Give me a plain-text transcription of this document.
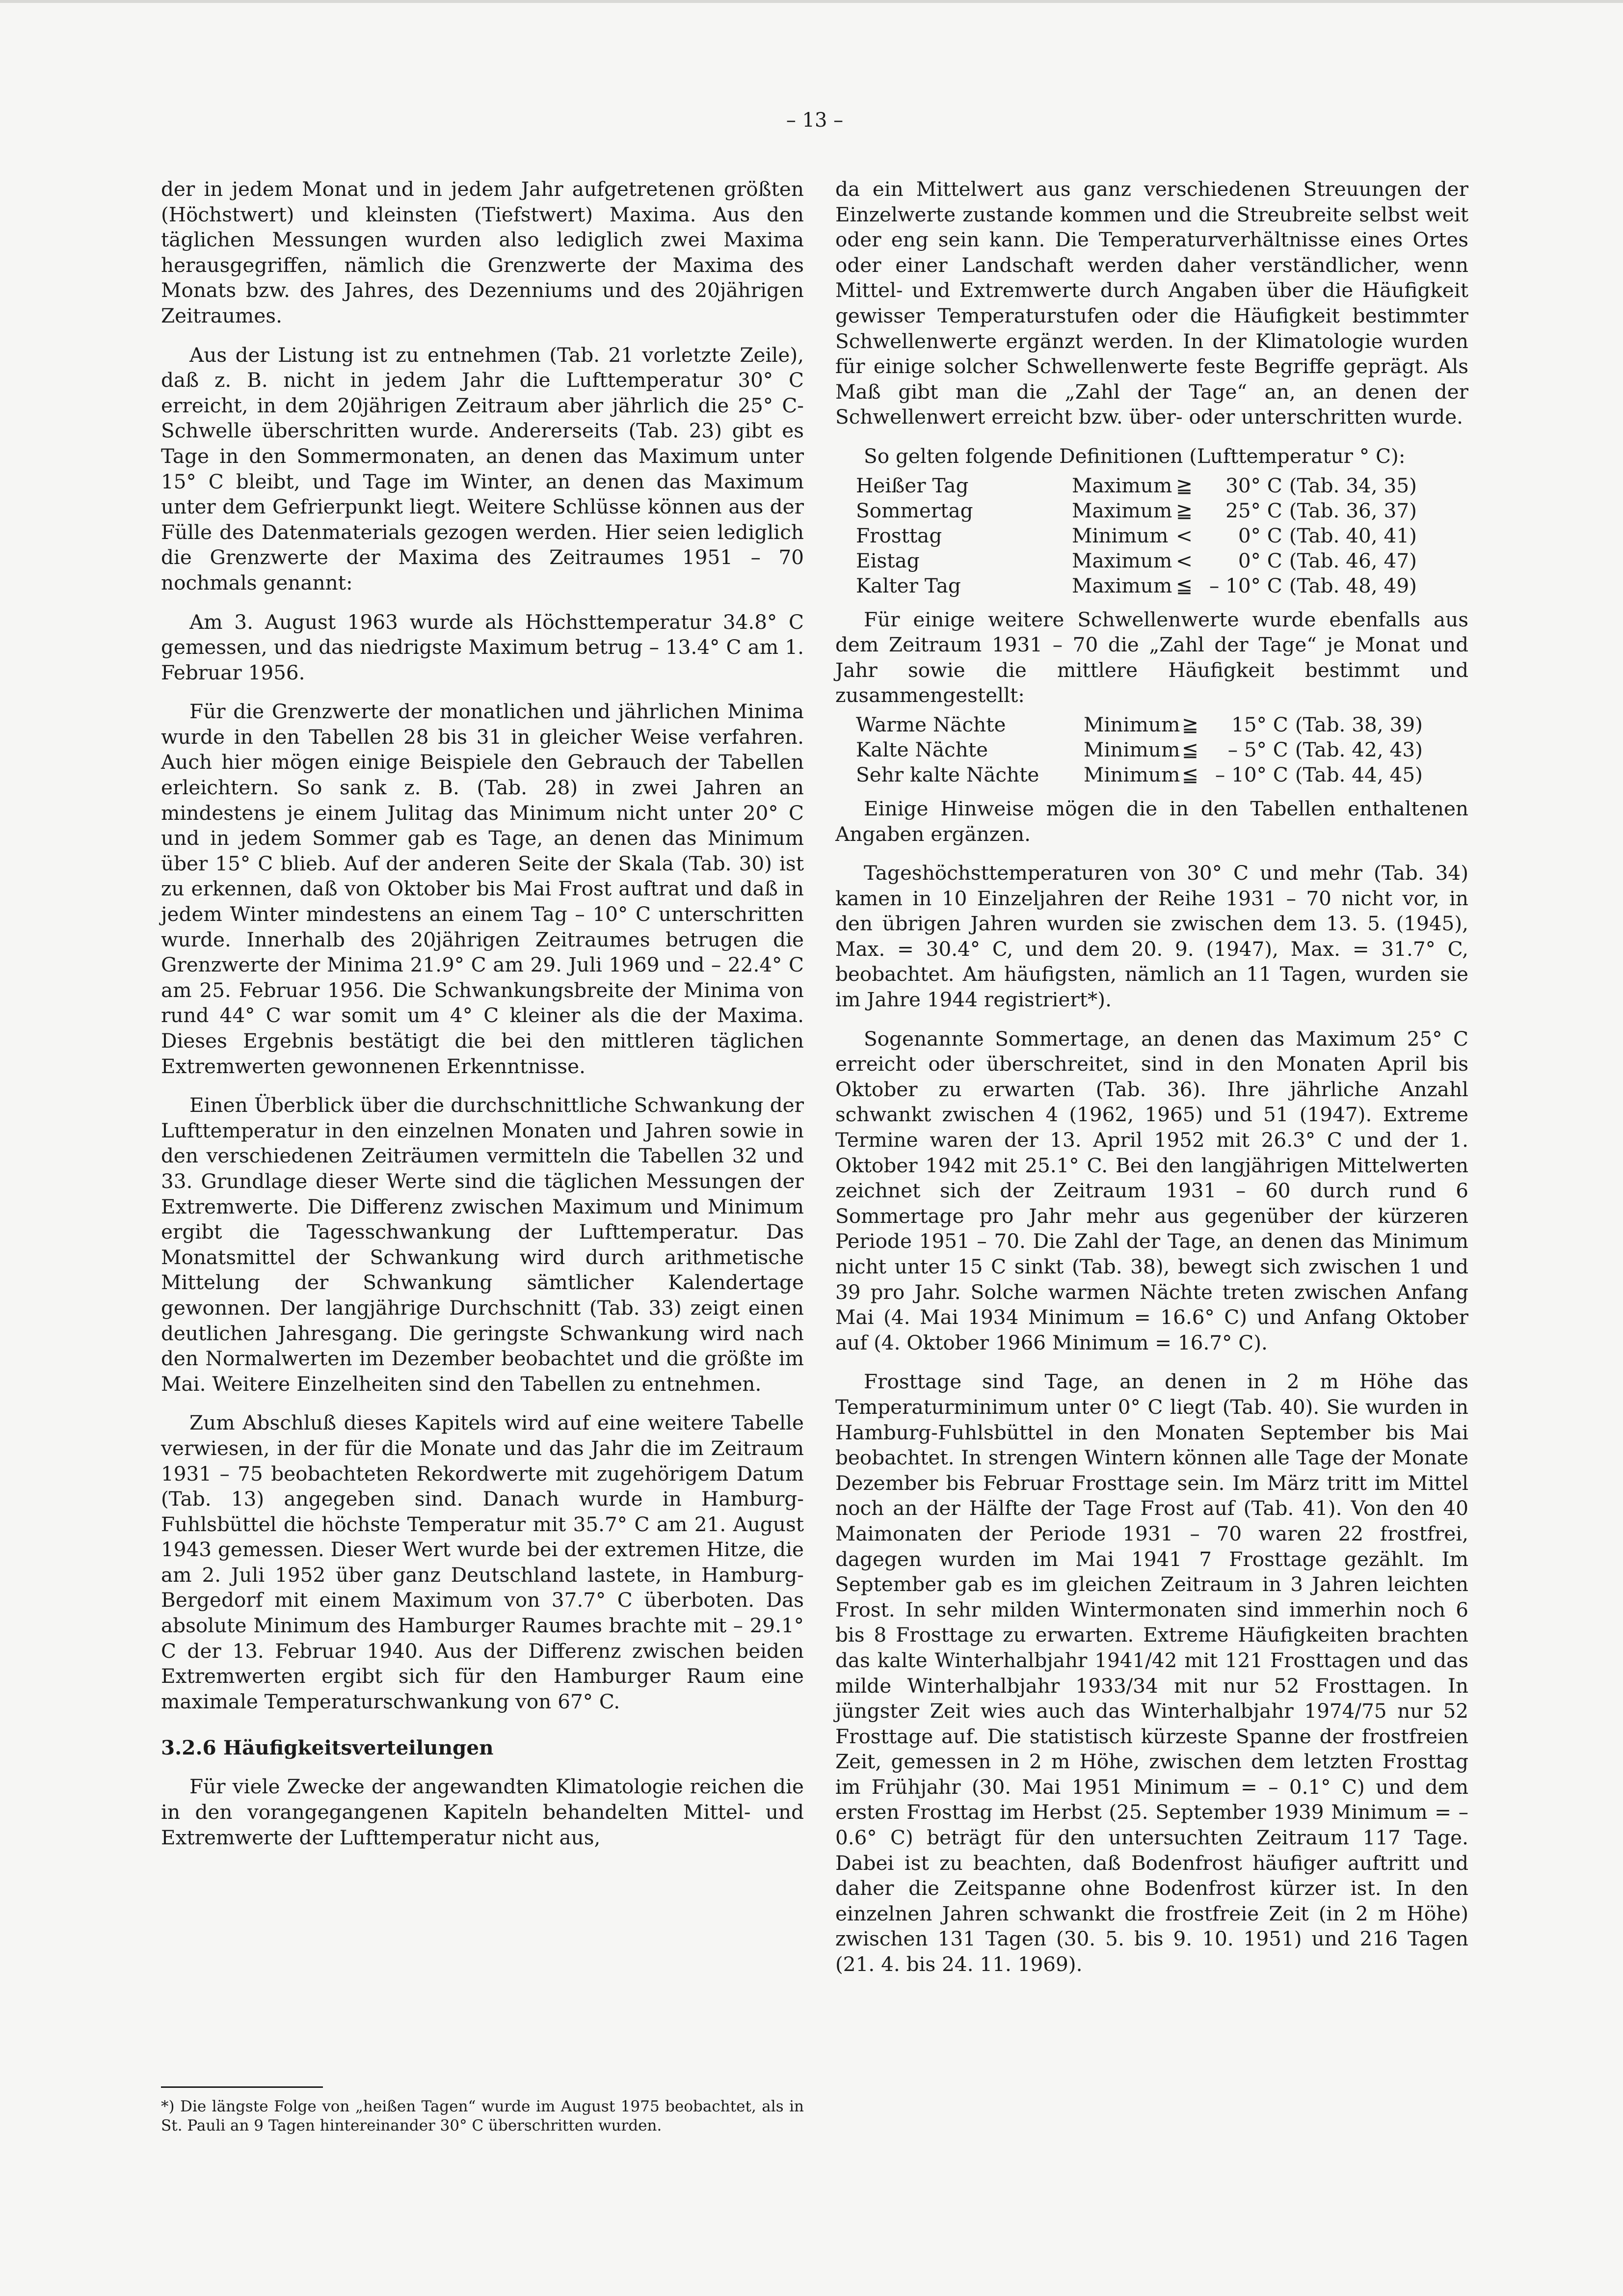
– 13 –

der in jedem Monat und in jedem Jahr aufgetretenen größten (Höchstwert) und kleinsten (Tiefstwert) Maxima. Aus den täglichen Messungen wurden also lediglich zwei Maxima herausgegriffen, nämlich die Grenzwerte der Maxima des Monats bzw. des Jahres, des Dezenniums und des 20jährigen Zeitraumes.

Aus der Listung ist zu entnehmen (Tab. 21 vorletzte Zeile), daß z. B. nicht in jedem Jahr die Lufttemperatur 30° C erreicht, in dem 20jährigen Zeitraum aber jährlich die 25° C-Schwelle überschritten wurde. Andererseits (Tab. 23) gibt es Tage in den Sommermonaten, an denen das Maximum unter 15° C bleibt, und Tage im Winter, an denen das Maximum unter dem Gefrierpunkt liegt. Weitere Schlüsse können aus der Fülle des Datenmaterials gezogen werden. Hier seien lediglich die Grenzwerte der Maxima des Zeitraumes 1951 – 70 nochmals genannt:

Am 3. August 1963 wurde als Höchsttemperatur 34.8° C gemessen, und das niedrigste Maximum betrug – 13.4° C am 1. Februar 1956.

Für die Grenzwerte der monatlichen und jährlichen Minima wurde in den Tabellen 28 bis 31 in gleicher Weise verfahren. Auch hier mögen einige Beispiele den Gebrauch der Tabellen erleichtern. So sank z. B. (Tab. 28) in zwei Jahren an mindestens je einem Julitag das Minimum nicht unter 20° C und in jedem Sommer gab es Tage, an denen das Minimum über 15° C blieb. Auf der anderen Seite der Skala (Tab. 30) ist zu erkennen, daß von Oktober bis Mai Frost auftrat und daß in jedem Winter mindestens an einem Tag – 10° C unterschritten wurde. Innerhalb des 20jährigen Zeitraumes betrugen die Grenzwerte der Minima 21.9° C am 29. Juli 1969 und – 22.4° C am 25. Februar 1956. Die Schwankungsbreite der Minima von rund 44° C war somit um 4° C kleiner als die der Maxima. Dieses Ergebnis bestätigt die bei den mittleren täglichen Extremwerten gewonnenen Erkenntnisse.

Einen Überblick über die durchschnittliche Schwankung der Lufttemperatur in den einzelnen Monaten und Jahren sowie in den verschiedenen Zeiträumen vermitteln die Tabellen 32 und 33. Grundlage dieser Werte sind die täglichen Messungen der Extremwerte. Die Differenz zwischen Maximum und Minimum ergibt die Tagesschwankung der Lufttemperatur. Das Monatsmittel der Schwankung wird durch arithmetische Mittelung der Schwankung sämtlicher Kalendertage gewonnen. Der langjährige Durchschnitt (Tab. 33) zeigt einen deutlichen Jahresgang. Die geringste Schwankung wird nach den Normalwerten im Dezember beobachtet und die größte im Mai. Weitere Einzelheiten sind den Tabellen zu entnehmen.

Zum Abschluß dieses Kapitels wird auf eine weitere Tabelle verwiesen, in der für die Monate und das Jahr die im Zeitraum 1931 – 75 beobachteten Rekordwerte mit zugehörigem Datum (Tab. 13) angegeben sind. Danach wurde in Hamburg-Fuhlsbüttel die höchste Temperatur mit 35.7° C am 21. August 1943 gemessen. Dieser Wert wurde bei der extremen Hitze, die am 2. Juli 1952 über ganz Deutschland lastete, in Hamburg-Bergedorf mit einem Maximum von 37.7° C überboten. Das absolute Minimum des Hamburger Raumes brachte mit – 29.1° C der 13. Februar 1940. Aus der Differenz zwischen beiden Extremwerten ergibt sich für den Hamburger Raum eine maximale Temperaturschwankung von 67° C.

3.2.6 Häufigkeitsverteilungen

Für viele Zwecke der angewandten Klimatologie reichen die in den vorangegangenen Kapiteln behandelten Mittel- und Extremwerte der Lufttemperatur nicht aus,

*) Die längste Folge von „heißen Tagen“ wurde im August 1975 beobachtet, als in St. Pauli an 9 Tagen hintereinander 30° C überschritten wurden.

da ein Mittelwert aus ganz verschiedenen Streuungen der Einzelwerte zustande kommen und die Streubreite selbst weit oder eng sein kann. Die Temperaturverhältnisse eines Ortes oder einer Landschaft werden daher verständlicher, wenn Mittel- und Extremwerte durch Angaben über die Häufigkeit gewisser Temperaturstufen oder die Häufigkeit bestimmter Schwellenwerte ergänzt werden. In der Klimatologie wurden für einige solcher Schwellenwerte feste Begriffe geprägt. Als Maß gibt man die „Zahl der Tage“ an, an denen der Schwellenwert erreicht bzw. über- oder unterschritten wurde.

So gelten folgende Definitionen (Lufttemperatur ° C):

Heißer Tag	Maximum	≧	30° C	(Tab. 34, 35)
Sommertag	Maximum	≧	25° C	(Tab. 36, 37)
Frosttag	Minimum	<	0° C	(Tab. 40, 41)
Eistag	Maximum	<	0° C	(Tab. 46, 47)
Kalter Tag	Maximum	≦	– 10° C	(Tab. 48, 49)

Für einige weitere Schwellenwerte wurde ebenfalls aus dem Zeitraum 1931 – 70 die „Zahl der Tage“ je Monat und Jahr sowie die mittlere Häufigkeit bestimmt und zusammengestellt:

Warme Nächte	Minimum	≧	15° C	(Tab. 38, 39)
Kalte Nächte	Minimum	≦	– 5° C	(Tab. 42, 43)
Sehr kalte Nächte	Minimum	≦	– 10° C	(Tab. 44, 45)

Einige Hinweise mögen die in den Tabellen enthaltenen Angaben ergänzen.

Tageshöchsttemperaturen von 30° C und mehr (Tab. 34) kamen in 10 Einzeljahren der Reihe 1931 – 70 nicht vor, in den übrigen Jahren wurden sie zwischen dem 13. 5. (1945), Max. = 30.4° C, und dem 20. 9. (1947), Max. = 31.7° C, beobachtet. Am häufigsten, nämlich an 11 Tagen, wurden sie im Jahre 1944 registriert*).

Sogenannte Sommertage, an denen das Maximum 25° C erreicht oder überschreitet, sind in den Monaten April bis Oktober zu erwarten (Tab. 36). Ihre jährliche Anzahl schwankt zwischen 4 (1962, 1965) und 51 (1947). Extreme Termine waren der 13. April 1952 mit 26.3° C und der 1. Oktober 1942 mit 25.1° C. Bei den langjährigen Mittelwerten zeichnet sich der Zeitraum 1931 – 60 durch rund 6 Sommertage pro Jahr mehr aus gegenüber der kürzeren Periode 1951 – 70. Die Zahl der Tage, an denen das Minimum nicht unter 15 C sinkt (Tab. 38), bewegt sich zwischen 1 und 39 pro Jahr. Solche warmen Nächte treten zwischen Anfang Mai (4. Mai 1934 Minimum = 16.6° C) und Anfang Oktober auf (4. Oktober 1966 Minimum = 16.7° C).

Frosttage sind Tage, an denen in 2 m Höhe das Temperaturminimum unter 0° C liegt (Tab. 40). Sie wurden in Hamburg-Fuhlsbüttel in den Monaten September bis Mai beobachtet. In strengen Wintern können alle Tage der Monate Dezember bis Februar Frosttage sein. Im März tritt im Mittel noch an der Hälfte der Tage Frost auf (Tab. 41). Von den 40 Maimonaten der Periode 1931 – 70 waren 22 frostfrei, dagegen wurden im Mai 1941 7 Frosttage gezählt. Im September gab es im gleichen Zeitraum in 3 Jahren leichten Frost. In sehr milden Wintermonaten sind immerhin noch 6 bis 8 Frosttage zu erwarten. Extreme Häufigkeiten brachten das kalte Winterhalbjahr 1941/42 mit 121 Frosttagen und das milde Winterhalbjahr 1933/34 mit nur 52 Frosttagen. In jüngster Zeit wies auch das Winterhalbjahr 1974/75 nur 52 Frosttage auf. Die statistisch kürzeste Spanne der frostfreien Zeit, gemessen in 2 m Höhe, zwischen dem letzten Frosttag im Frühjahr (30. Mai 1951 Minimum = – 0.1° C) und dem ersten Frosttag im Herbst (25. September 1939 Minimum = – 0.6° C) beträgt für den untersuchten Zeitraum 117 Tage. Dabei ist zu beachten, daß Bodenfrost häufiger auftritt und daher die Zeitspanne ohne Bodenfrost kürzer ist. In den einzelnen Jahren schwankt die frostfreie Zeit (in 2 m Höhe) zwischen 131 Tagen (30. 5. bis 9. 10. 1951) und 216 Tagen (21. 4. bis 24. 11. 1969).
